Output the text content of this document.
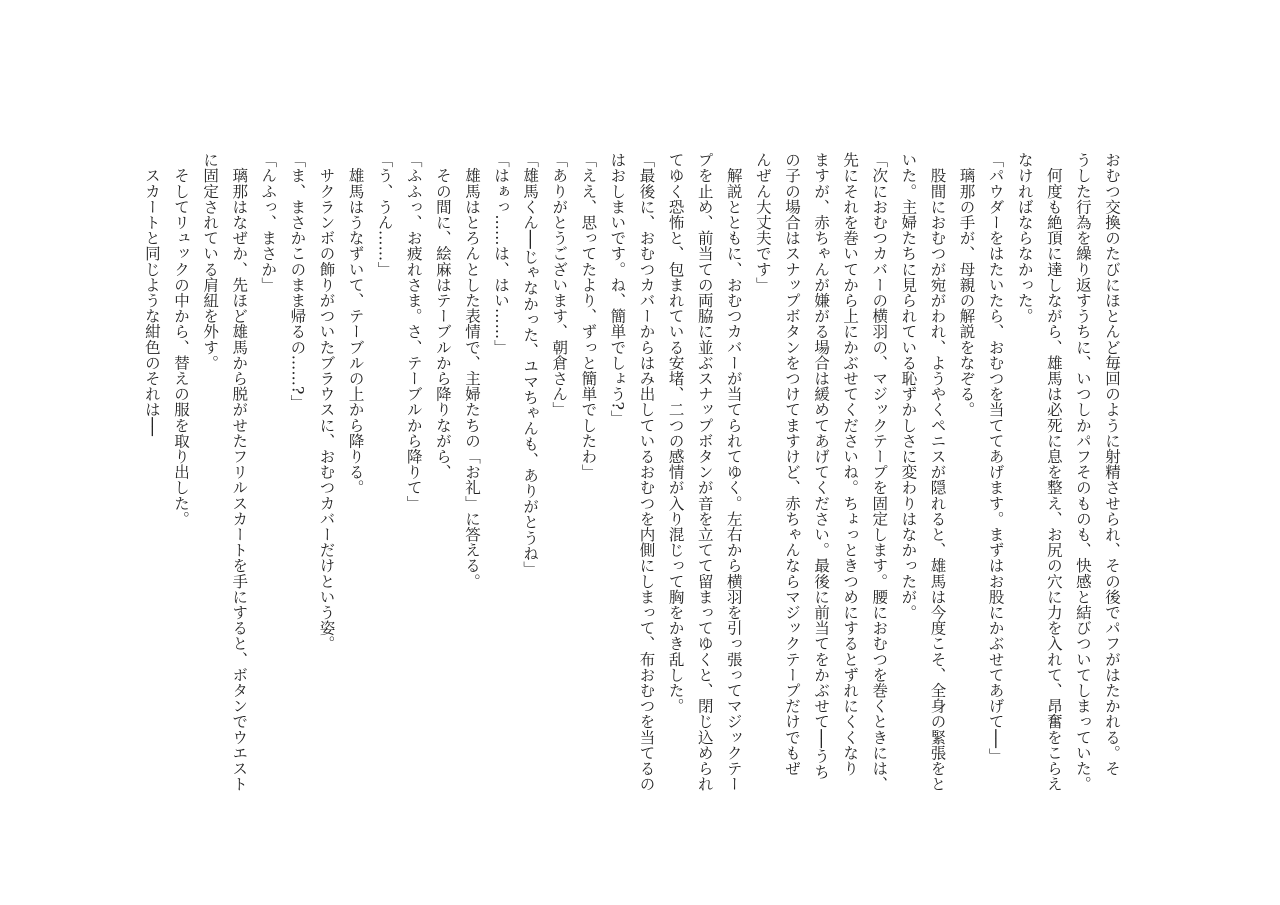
おむつ交換のたびにほとんど毎回のように射精させられ、その後でパフがはたかれる。そ
うした行為を繰り返すうちに、いつしかパフそのものも、快感と結びついてしまっていた。
　何度も絶頂に達しながら、雄馬は必死に息を整え、お尻の穴に力を入れて、昂奮をこらえ
なければならなかった。
「パウダーをはたいたら、おむつを当ててあげます。まずはお股にかぶせてあげて──」
　璃那の手が、母親の解説をなぞる。
　股間におむつが宛がわれ、ようやくペニスが隠れると、雄馬は今度こそ、全身の緊張をと
いた。主婦たちに見られている恥ずかしさに変わりはなかったが。
「次におむつカバーの横羽の、マジックテープを固定します。腰におむつを巻くときには、
先にそれを巻いてから上にかぶせてくださいね。ちょっときつめにするとずれにくくなり
ますが、赤ちゃんが嫌がる場合は緩めてあげてください。最後に前当てをかぶせて──うち
の子の場合はスナップボタンをつけてますけど、赤ちゃんならマジックテープだけでもぜ
んぜん大丈夫です」
　解説とともに、おむつカバーが当てられてゆく。左右から横羽を引っ張ってマジックテー
プを止め、前当ての両脇に並ぶスナップボタンが音を立てて留まってゆくと、閉じ込められ
てゆく恐怖と、包まれている安堵、二つの感情が入り混じって胸をかき乱した。
「最後に、おむつカバーからはみ出しているおむつを内側にしまって、布おむつを当てるの
はおしまいです。ね、簡単でしょう?」
「ええ、思ってたより、ずっと簡単でしたわ」
「ありがとうございます、朝倉さん」
「雄馬くん──じゃなかった、ユマちゃんも、ありがとうね」
「はぁっ……は、はい……」
　雄馬はとろんとした表情で、主婦たちの「お礼」に答える。
　その間に、絵麻はテーブルから降りながら、
「ふふっ、お疲れさま。さ、テーブルから降りて」
「う、うん……」
　雄馬はうなずいて、テーブルの上から降りる。
　サクランボの飾りがついたブラウスに、おむつカバーだけという姿。
「ま、まさかこのまま帰るの……?」
「んふっ、まさか」
　璃那はなぜか、先ほど雄馬から脱がせたフリルスカートを手にすると、ボタンでウエスト
に固定されている肩紐を外す。
　そしてリュックの中から、替えの服を取り出した。
　スカートと同じような紺色のそれは──
